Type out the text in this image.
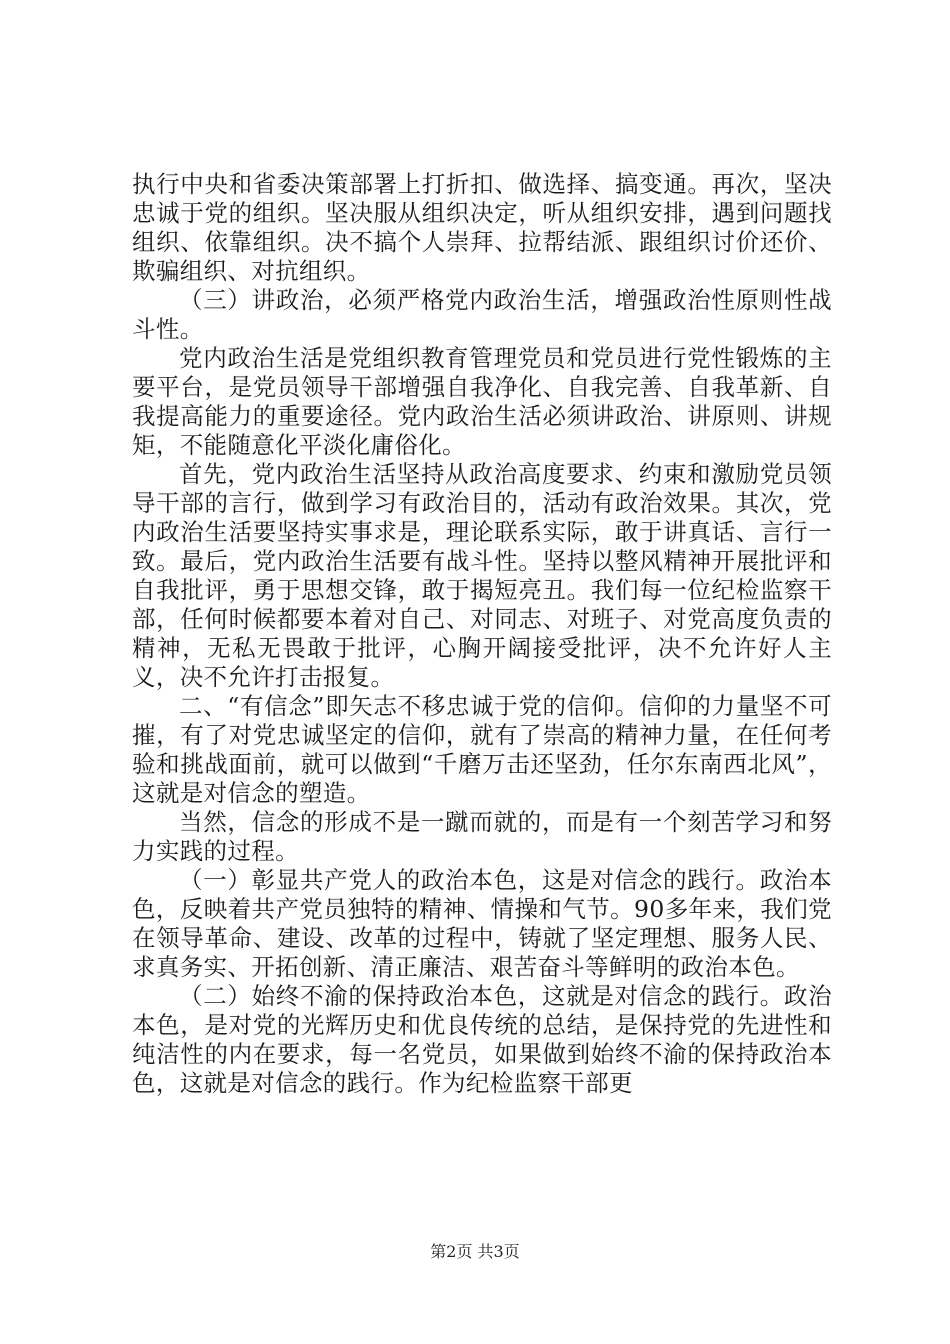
执行中央和省委决策部署上打折扣、做选择、搞变通。再次，坚决忠诚于党的组织。坚决服从组织决定，听从组织安排，遇到问题找组织、依靠组织。决不搞个人崇拜、拉帮结派、跟组织讨价还价、欺骗组织、对抗组织。

（三）讲政治，必须严格党内政治生活，增强政治性原则性战斗性。

党内政治生活是党组织教育管理党员和党员进行党性锻炼的主要平台，是党员领导干部增强自我净化、自我完善、自我革新、自我提高能力的重要途径。党内政治生活必须讲政治、讲原则、讲规矩，不能随意化平淡化庸俗化。

首先，党内政治生活坚持从政治高度要求、约束和激励党员领导干部的言行，做到学习有政治目的，活动有政治效果。其次，党内政治生活要坚持实事求是，理论联系实际，敢于讲真话、言行一致。最后，党内政治生活要有战斗性。坚持以整风精神开展批评和自我批评，勇于思想交锋，敢于揭短亮丑。我们每一位纪检监察干部，任何时候都要本着对自己、对同志、对班子、对党高度负责的精神，无私无畏敢于批评，心胸开阔接受批评，决不允许好人主义，决不允许打击报复。

二、“有信念”即矢志不移忠诚于党的信仰。信仰的力量坚不可摧，有了对党忠诚坚定的信仰，就有了崇高的精神力量，在任何考验和挑战面前，就可以做到“千磨万击还坚劲，任尔东南西北风”，这就是对信念的塑造。

当然，信念的形成不是一蹴而就的，而是有一个刻苦学习和努力实践的过程。

（一）彰显共产党人的政治本色，这是对信念的践行。政治本色，反映着共产党员独特的精神、情操和气节。90多年来，我们党在领导革命、建设、改革的过程中，铸就了坚定理想、服务人民、求真务实、开拓创新、清正廉洁、艰苦奋斗等鲜明的政治本色。

（二）始终不渝的保持政治本色，这就是对信念的践行。政治本色，是对党的光辉历史和优良传统的总结，是保持党的先进性和纯洁性的内在要求，每一名党员，如果做到始终不渝的保持政治本色，这就是对信念的践行。作为纪检监察干部更

第2页 共3页
